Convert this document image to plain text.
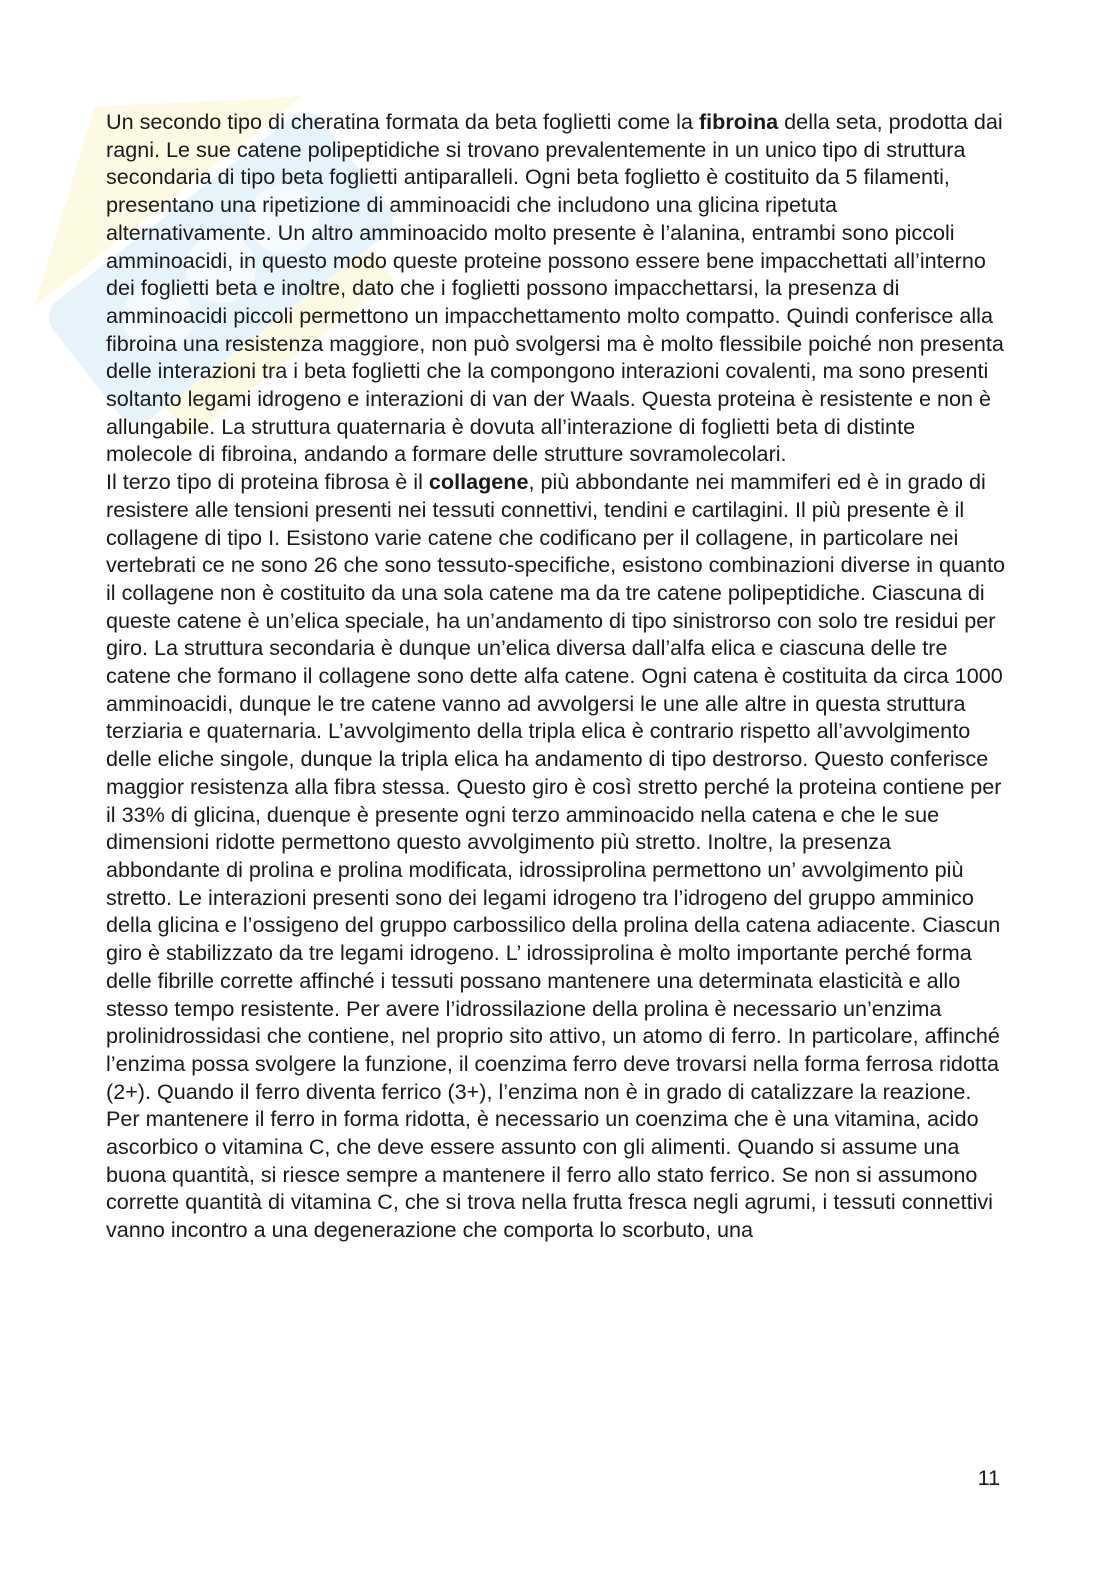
Un secondo tipo di cheratina formata da beta foglietti come la fibroina della seta, prodotta dai ragni. Le sue catene polipeptidiche si trovano prevalentemente in un unico tipo di struttura secondaria di tipo beta foglietti antiparalleli. Ogni beta foglietto è costituito da 5 filamenti, presentano una ripetizione di amminoacidi che includono una glicina ripetuta alternativamente. Un altro amminoacido molto presente è l’alanina, entrambi sono piccoli amminoacidi, in questo modo queste proteine possono essere bene impacchettati all’interno dei foglietti beta e inoltre, dato che i foglietti possono impacchettarsi, la presenza di amminoacidi piccoli permettono un impacchettamento molto compatto. Quindi conferisce alla fibroina una resistenza maggiore, non può svolgersi ma è molto flessibile poiché non presenta delle interazioni tra i beta foglietti che la compongono interazioni covalenti, ma sono presenti soltanto legami idrogeno e interazioni di van der Waals. Questa proteina è resistente e non è allungabile. La struttura quaternaria è dovuta all’interazione di foglietti beta di distinte molecole di fibroina, andando a formare delle strutture sovramolecolari.

Il terzo tipo di proteina fibrosa è il collagene, più abbondante nei mammiferi ed è in grado di resistere alle tensioni presenti nei tessuti connettivi, tendini e cartilagini. Il più presente è il collagene di tipo I. Esistono varie catene che codificano per il collagene, in particolare nei vertebrati ce ne sono 26 che sono tessuto-specifiche, esistono combinazioni diverse in quanto il collagene non è costituito da una sola catene ma da tre catene polipeptidiche. Ciascuna di queste catene è un’elica speciale, ha un’andamento di tipo sinistrorso con solo tre residui per giro. La struttura secondaria è dunque un’elica diversa dall’alfa elica e ciascuna delle tre catene che formano il collagene sono dette alfa catene. Ogni catena è costituita da circa 1000 amminoacidi, dunque le tre catene vanno ad avvolgersi le une alle altre in questa struttura terziaria e quaternaria. L’avvolgimento della tripla elica è contrario rispetto all’avvolgimento delle eliche singole, dunque la tripla elica ha andamento di tipo destrorso. Questo conferisce maggior resistenza alla fibra stessa. Questo giro è così stretto perché la proteina contiene per il 33% di glicina, duenque è presente ogni terzo amminoacido nella catena e che le sue dimensioni ridotte permettono questo avvolgimento più stretto. Inoltre, la presenza abbondante di prolina e prolina modificata, idrossiprolina permettono un’ avvolgimento più stretto. Le interazioni presenti sono dei legami idrogeno tra l’idrogeno del gruppo amminico della glicina e l’ossigeno del gruppo carbossilico della prolina della catena adiacente. Ciascun giro è stabilizzato da tre legami idrogeno. L’ idrossiprolina è molto importante perché forma delle fibrille corrette affinché i tessuti possano mantenere una determinata elasticità e allo stesso tempo resistente. Per avere l’idrossilazione della prolina è necessario un’enzima prolinidrossidasi che contiene, nel proprio sito attivo, un atomo di ferro. In particolare, affinché l’enzima possa svolgere la funzione, il coenzima ferro deve trovarsi nella forma ferrosa ridotta (2+). Quando il ferro diventa ferrico (3+), l’enzima non è in grado di catalizzare la reazione. Per mantenere il ferro in forma ridotta, è necessario un coenzima che è una vitamina, acido ascorbico o vitamina C, che deve essere assunto con gli alimenti. Quando si assume una buona quantità, si riesce sempre a mantenere il ferro allo stato ferrico. Se non si assumono corrette quantità di vitamina C, che si trova nella frutta fresca negli agrumi, i tessuti connettivi vanno incontro a una degenerazione che comporta lo scorbuto, una

11
